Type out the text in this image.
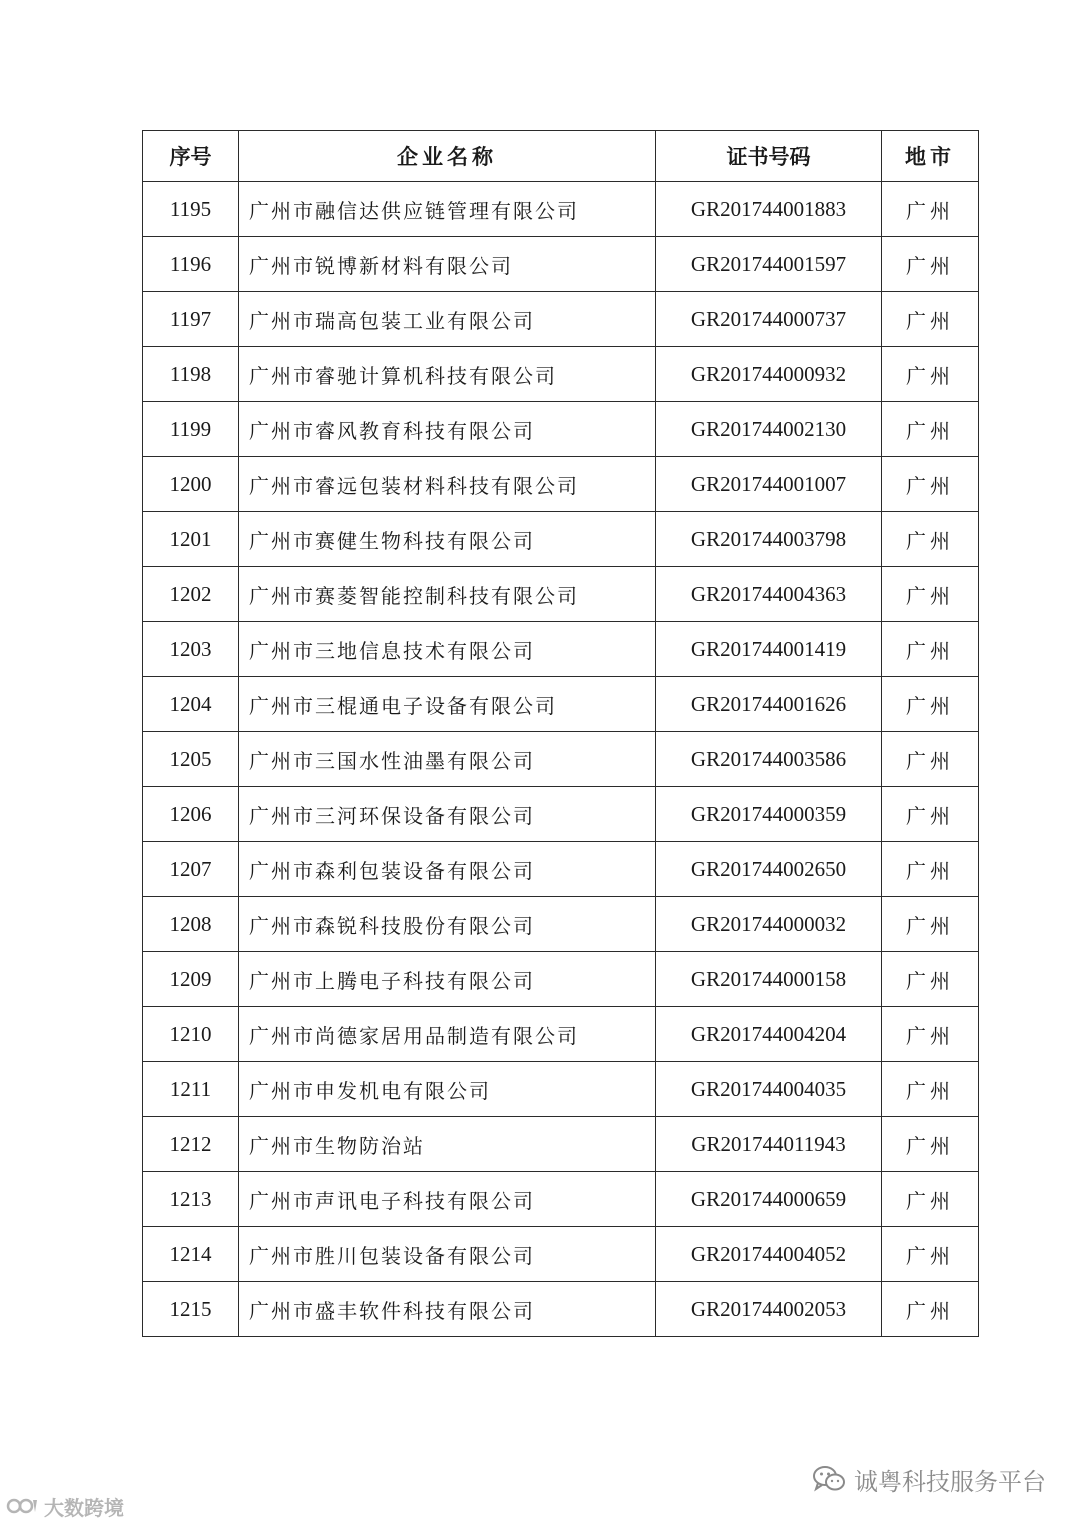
序号	企业名称	证书号码	地市
1195	广州市融信达供应链管理有限公司	GR201744001883	广州
1196	广州市锐博新材料有限公司	GR201744001597	广州
1197	广州市瑞高包装工业有限公司	GR201744000737	广州
1198	广州市睿驰计算机科技有限公司	GR201744000932	广州
1199	广州市睿风教育科技有限公司	GR201744002130	广州
1200	广州市睿远包装材料科技有限公司	GR201744001007	广州
1201	广州市赛健生物科技有限公司	GR201744003798	广州
1202	广州市赛菱智能控制科技有限公司	GR201744004363	广州
1203	广州市三地信息技术有限公司	GR201744001419	广州
1204	广州市三棍通电子设备有限公司	GR201744001626	广州
1205	广州市三国水性油墨有限公司	GR201744003586	广州
1206	广州市三河环保设备有限公司	GR201744000359	广州
1207	广州市森利包装设备有限公司	GR201744002650	广州
1208	广州市森锐科技股份有限公司	GR201744000032	广州
1209	广州市上腾电子科技有限公司	GR201744000158	广州
1210	广州市尚德家居用品制造有限公司	GR201744004204	广州
1211	广州市申发机电有限公司	GR201744004035	广州
1212	广州市生物防治站	GR201744011943	广州
1213	广州市声讯电子科技有限公司	GR201744000659	广州
1214	广州市胜川包装设备有限公司	GR201744004052	广州
1215	广州市盛丰软件科技有限公司	GR201744002053	广州
大数跨境
诚粤科技服务平台
